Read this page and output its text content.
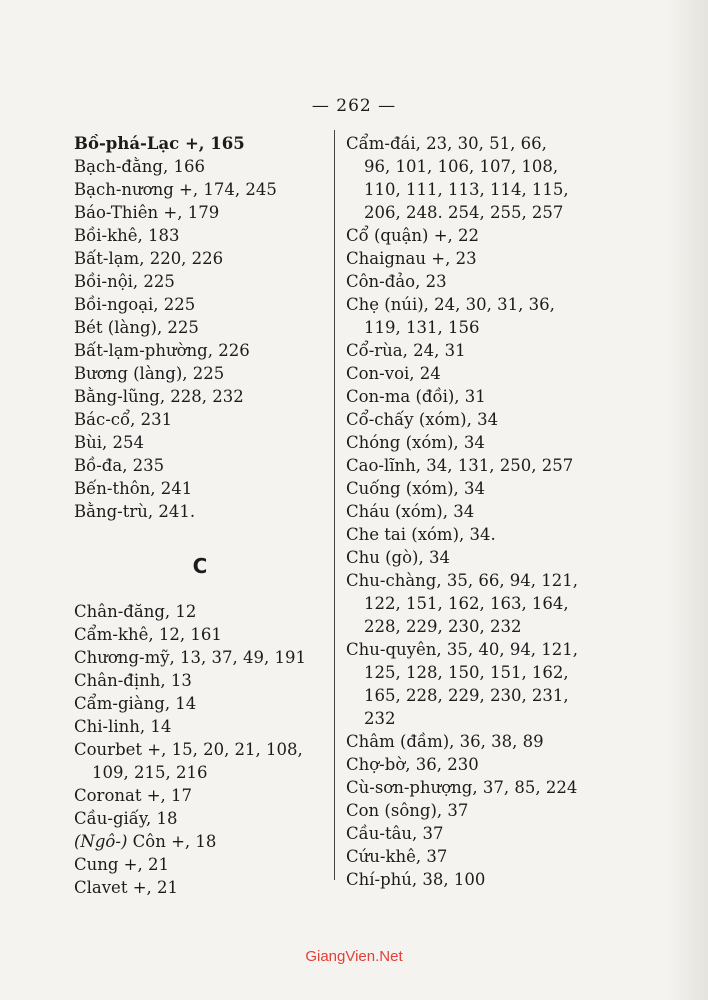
— 262 —
Bồ-phá-Lạc +, 165
Bạch-đằng, 166
Bạch-nương +, 174, 245
Báo-Thiên +, 179
Bồi-khê, 183
Bất-lạm, 220, 226
Bồi-nội, 225
Bồi-ngoại, 225
Bét (làng), 225
Bất-lạm-phường, 226
Bương (làng), 225
Bằng-lũng, 228, 232
Bác-cổ, 231
Bùi, 254
Bồ-đa, 235
Bến-thôn, 241
Bằng-trù, 241.
C
Chân-đăng, 12
Cẩm-khê, 12, 161
Chương-mỹ, 13, 37, 49, 191
Chân-định, 13
Cẩm-giàng, 14
Chi-linh, 14
Courbet +, 15, 20, 21, 108,
109, 215, 216
Coronat +, 17
Cầu-giấy, 18
(Ngô-) Côn +, 18
Cung +, 21
Clavet +, 21
Cẩm-đái, 23, 30, 51, 66,
96, 101, 106, 107, 108,
110, 111, 113, 114, 115,
206, 248. 254, 255, 257
Cổ (quận) +, 22
Chaignau +, 23
Côn-đảo, 23
Chẹ (núi), 24, 30, 31, 36,
119, 131, 156
Cổ-rùa, 24, 31
Con-voi, 24
Con-ma (đồi), 31
Cổ-chấy (xóm), 34
Chóng (xóm), 34
Cao-lĩnh, 34, 131, 250, 257
Cuống (xóm), 34
Cháu (xóm), 34
Che tai (xóm), 34.
Chu (gò), 34
Chu-chàng, 35, 66, 94, 121,
122, 151, 162, 163, 164,
228, 229, 230, 232
Chu-quyên, 35, 40, 94, 121,
125, 128, 150, 151, 162,
165, 228, 229, 230, 231,
232
Châm (đầm), 36, 38, 89
Chợ-bờ, 36, 230
Cù-sơn-phượng, 37, 85, 224
Con (sông), 37
Cầu-tâu, 37
Cứu-khê, 37
Chí-phú, 38, 100
GiangVien.Net
